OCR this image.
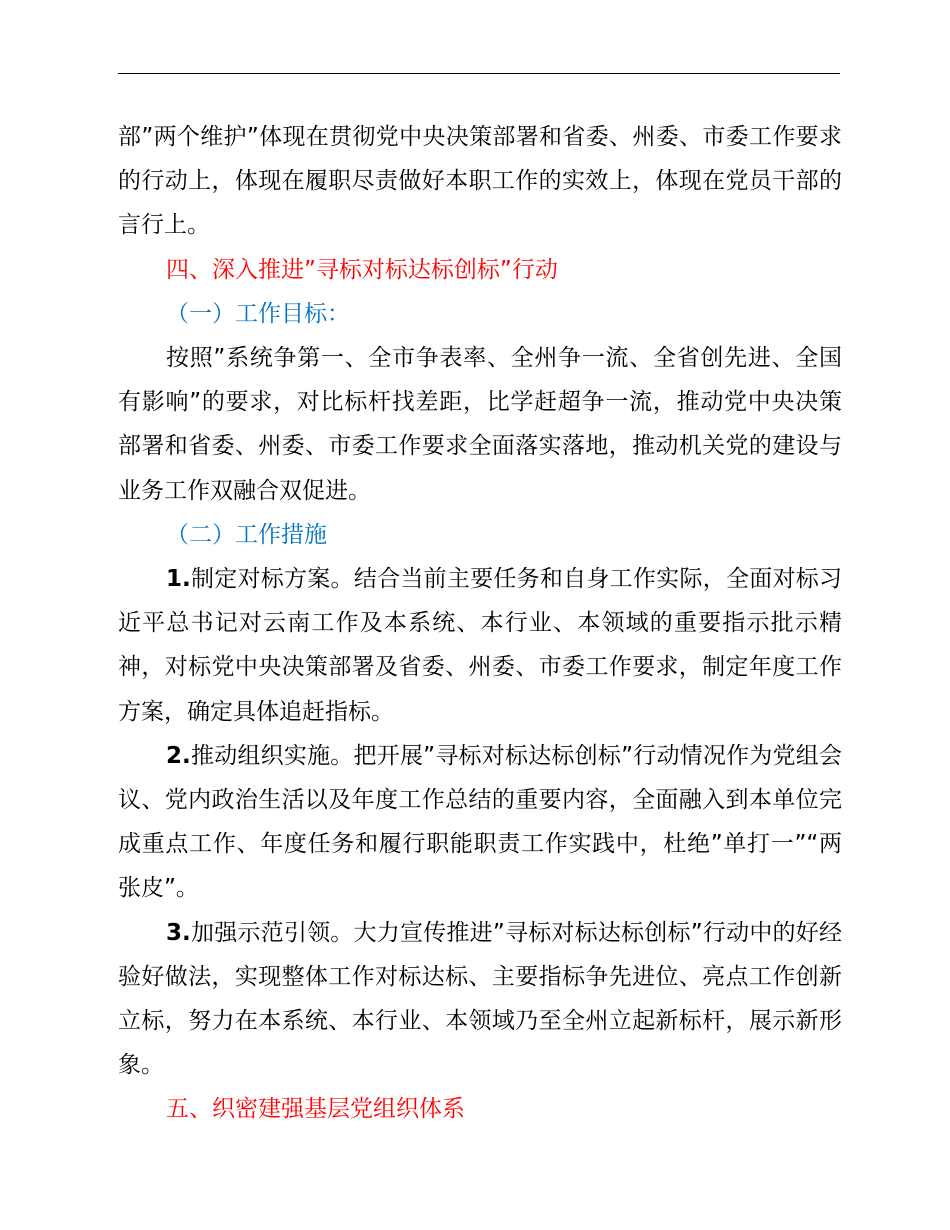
部”两个维护”体现在贯彻党中央决策部署和省委、州委、市委工作要求的行动上，体现在履职尽责做好本职工作的实效上，体现在党员干部的言行上。

四、深入推进”寻标对标达标创标”行动

（一）工作目标：

按照”系统争第一、全市争表率、全州争一流、全省创先进、全国有影响”的要求，对比标杆找差距，比学赶超争一流，推动党中央决策部署和省委、州委、市委工作要求全面落实落地，推动机关党的建设与业务工作双融合双促进。

（二）工作措施

1.制定对标方案。结合当前主要任务和自身工作实际，全面对标习近平总书记对云南工作及本系统、本行业、本领域的重要指示批示精神，对标党中央决策部署及省委、州委、市委工作要求，制定年度工作方案，确定具体追赶指标。

2.推动组织实施。把开展”寻标对标达标创标”行动情况作为党组会议、党内政治生活以及年度工作总结的重要内容，全面融入到本单位完成重点工作、年度任务和履行职能职责工作实践中，杜绝”单打一”“两张皮”。

3.加强示范引领。大力宣传推进”寻标对标达标创标”行动中的好经验好做法，实现整体工作对标达标、主要指标争先进位、亮点工作创新立标，努力在本系统、本行业、本领域乃至全州立起新标杆，展示新形象。

五、织密建强基层党组织体系
